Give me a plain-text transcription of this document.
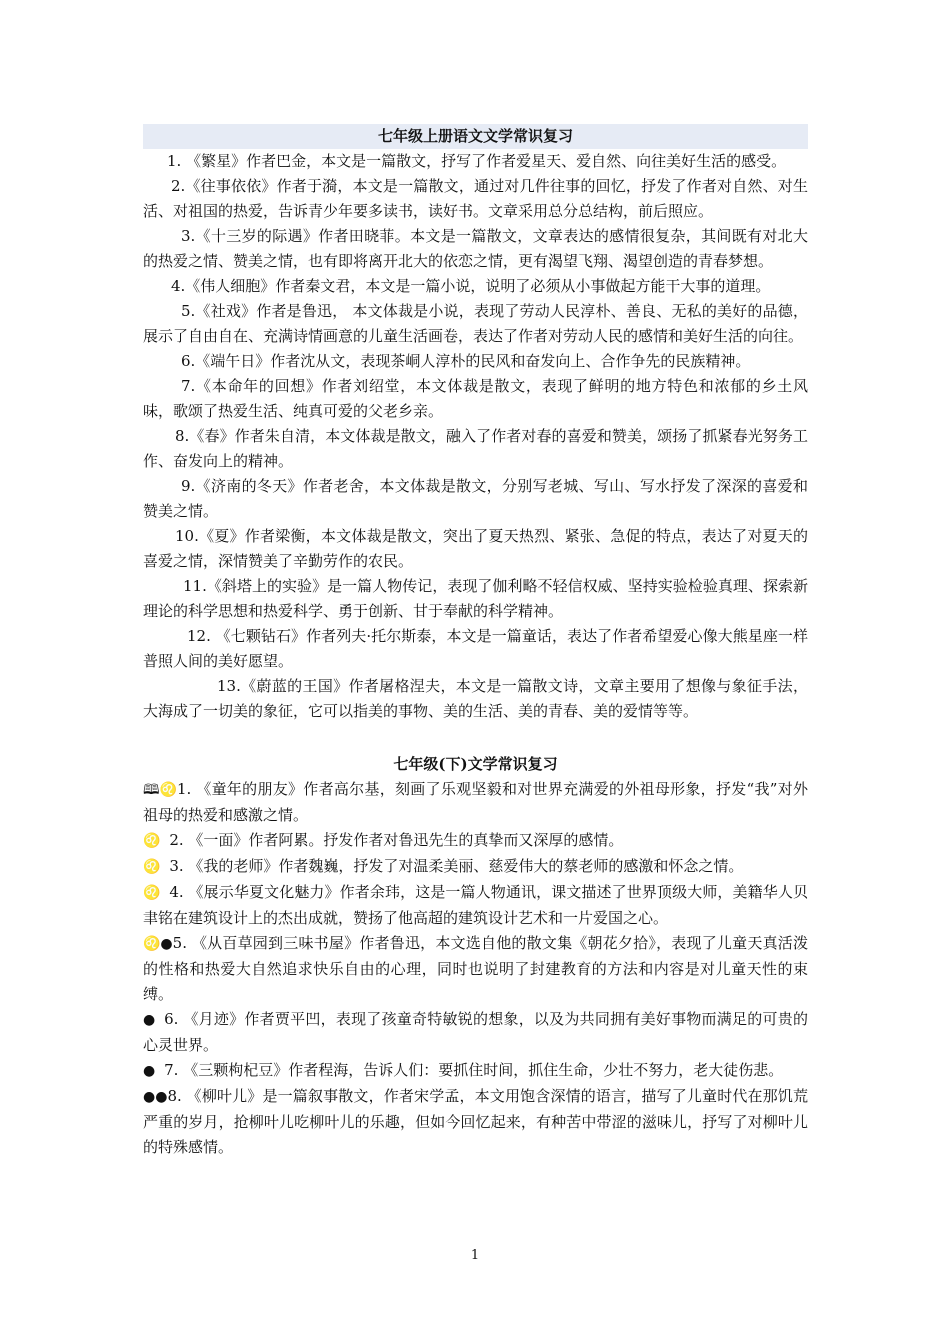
七年级上册语文文学常识复习

1. 《繁星》作者巴金，本文是一篇散文，抒写了作者爱星天、爱自然、向往美好生活的感受。

2.《往事依依》作者于漪，本文是一篇散文，通过对几件往事的回忆，抒发了作者对自然、对生活、对祖国的热爱，告诉青少年要多读书，读好书。文章采用总分总结构，前后照应。

3.《十三岁的际遇》作者田晓菲。本文是一篇散文，文章表达的感情很复杂，其间既有对北大的热爱之情、赞美之情，也有即将离开北大的依恋之情，更有渴望飞翔、渴望创造的青春梦想。

4.《伟人细胞》作者秦文君，本文是一篇小说，说明了必须从小事做起方能干大事的道理。

5.《社戏》作者是鲁迅， 本文体裁是小说，表现了劳动人民淳朴、善良、无私的美好的品德，展示了自由自在、充满诗情画意的儿童生活画卷，表达了作者对劳动人民的感情和美好生活的向往。

6.《端午日》作者沈从文，表现茶峒人淳朴的民风和奋发向上、合作争先的民族精神。

7.《本命年的回想》作者刘绍堂，本文体裁是散文，表现了鲜明的地方特色和浓郁的乡土风味，歌颂了热爱生活、纯真可爱的父老乡亲。

8.《春》作者朱自清，本文体裁是散文，融入了作者对春的喜爱和赞美，颂扬了抓紧春光努务工作、奋发向上的精神。

9.《济南的冬天》作者老舍，本文体裁是散文，分别写老城、写山、写水抒发了深深的喜爱和赞美之情。

10.《夏》作者梁衡，本文体裁是散文，突出了夏天热烈、紧张、急促的特点，表达了对夏天的喜爱之情，深情赞美了辛勤劳作的农民。

11.《斜塔上的实验》是一篇人物传记，表现了伽利略不轻信权威、坚持实验检验真理、探索新理论的科学思想和热爱科学、勇于创新、甘于奉献的科学精神。

12. 《七颗钻石》作者列夫·托尔斯泰，本文是一篇童话，表达了作者希望爱心像大熊星座一样普照人间的美好愿望。

13.《蔚蓝的王国》作者屠格涅夫，本文是一篇散文诗，文章主要用了想像与象征手法，大海成了一切美的象征，它可以指美的事物、美的生活、美的青春、美的爱情等等。

七年级(下)文学常识复习

🕮♌1. 《童年的朋友》作者高尔基，刻画了乐观坚毅和对世界充满爱的外祖母形象，抒发“我”对外祖母的热爱和感激之情。

♌  2. 《一面》作者阿累。抒发作者对鲁迅先生的真挚而又深厚的感情。

♌  3. 《我的老师》作者魏巍，抒发了对温柔美丽、慈爱伟大的蔡老师的感激和怀念之情。

♌  4. 《展示华夏文化魅力》作者余玮，这是一篇人物通讯，课文描述了世界顶级大师，美籍华人贝聿铭在建筑设计上的杰出成就，赞扬了他高超的建筑设计艺术和一片爱国之心。

♌●5. 《从百草园到三味书屋》作者鲁迅，本文选自他的散文集《朝花夕拾》，表现了儿童天真活泼的性格和热爱大自然追求快乐自由的心理，同时也说明了封建教育的方法和内容是对儿童天性的束缚。

●  6. 《月迹》作者贾平凹，表现了孩童奇特敏锐的想象，以及为共同拥有美好事物而满足的可贵的心灵世界。

●  7. 《三颗枸杞豆》作者程海，告诉人们：要抓住时间，抓住生命，少壮不努力，老大徒伤悲。

●●8. 《柳叶儿》是一篇叙事散文，作者宋学孟，本文用饱含深情的语言，描写了儿童时代在那饥荒严重的岁月，抢柳叶儿吃柳叶儿的乐趣，但如今回忆起来，有种苦中带涩的滋味儿，抒写了对柳叶儿的特殊感情。

1
